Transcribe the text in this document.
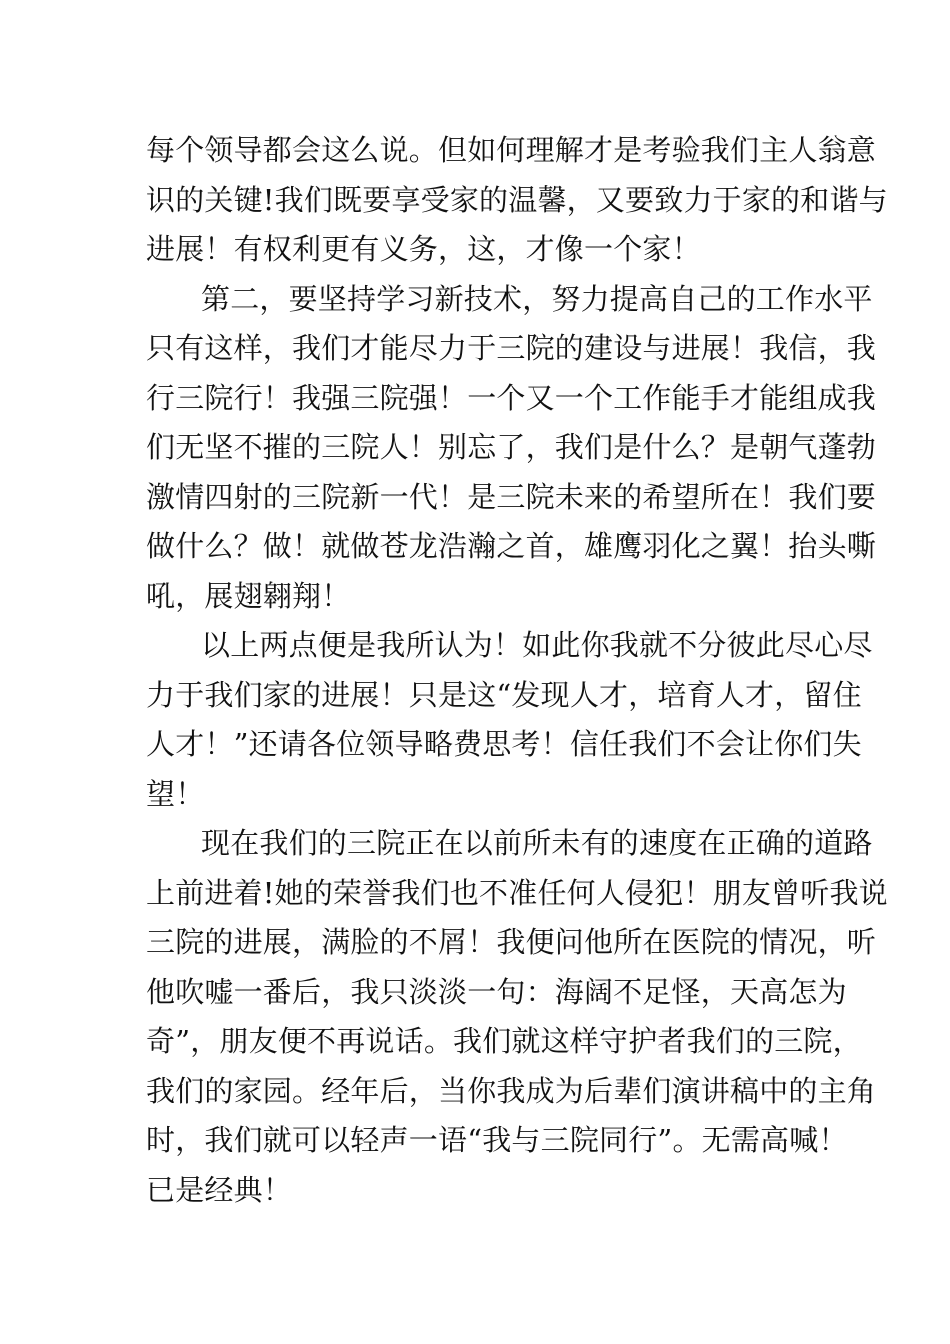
每个领导都会这么说。但如何理解才是考验我们主人翁意
识的关键!我们既要享受家的温馨，又要致力于家的和谐与
进展！有权利更有义务，这，才像一个家！
第二，要坚持学习新技术，努力提高自己的工作水平
只有这样，我们才能尽力于三院的建设与进展！我信，我
行三院行！我强三院强！一个又一个工作能手才能组成我
们无坚不摧的三院人！别忘了，我们是什么？是朝气蓬勃
激情四射的三院新一代！是三院未来的希望所在！我们要
做什么？做！就做苍龙浩瀚之首，雄鹰羽化之翼！抬头嘶
吼，展翅翱翔！
以上两点便是我所认为！如此你我就不分彼此尽心尽
力于我们家的进展！只是这“发现人才，培育人才，留住
人才！”还请各位领导略费思考！信任我们不会让你们失
望！
现在我们的三院正在以前所未有的速度在正确的道路
上前进着!她的荣誉我们也不准任何人侵犯！朋友曾听我说
三院的进展，满脸的不屑！我便问他所在医院的情况，听
他吹嘘一番后，我只淡淡一句：海阔不足怪，天高怎为
奇”，朋友便不再说话。我们就这样守护者我们的三院，
我们的家园。经年后，当你我成为后辈们演讲稿中的主角
时，我们就可以轻声一语“我与三院同行”。无需高喊！
已是经典！
